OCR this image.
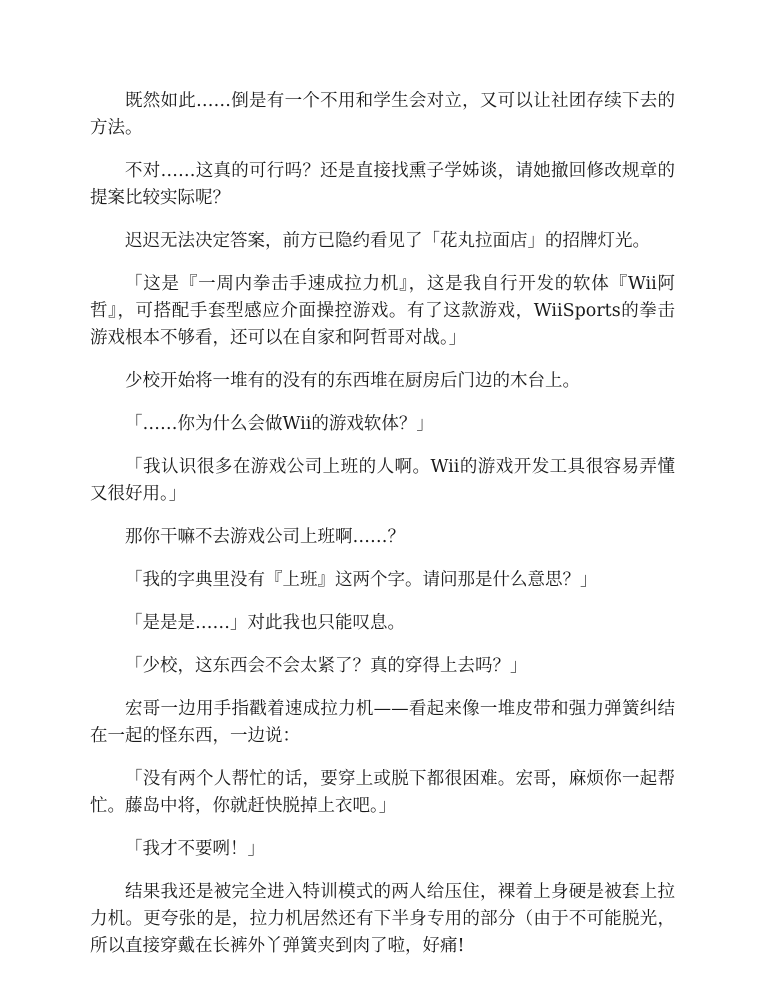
既然如此……倒是有一个不用和学生会对立，又可以让社团存续下去的方法。

不对……这真的可行吗？还是直接找熏子学姊谈，请她撤回修改规章的提案比较实际呢？

迟迟无法决定答案，前方已隐约看见了「花丸拉面店」的招牌灯光。

「这是『一周内拳击手速成拉力机』，这是我自行开发的软体『Wii阿哲』，可搭配手套型感应介面操控游戏。有了这款游戏，WiiSports的拳击游戏根本不够看，还可以在自家和阿哲哥对战。」

少校开始将一堆有的没有的东西堆在厨房后门边的木台上。

「……你为什么会做Wii的游戏软体？」

「我认识很多在游戏公司上班的人啊。Wii的游戏开发工具很容易弄懂又很好用。」

那你干嘛不去游戏公司上班啊……？

「我的字典里没有『上班』这两个字。请问那是什么意思？」

「是是是……」对此我也只能叹息。

「少校，这东西会不会太紧了？真的穿得上去吗？」

宏哥一边用手指戳着速成拉力机——看起来像一堆皮带和强力弹簧纠结在一起的怪东西，一边说：

「没有两个人帮忙的话，要穿上或脱下都很困难。宏哥，麻烦你一起帮忙。藤岛中将，你就赶快脱掉上衣吧。」

「我才不要咧！」

结果我还是被完全进入特训模式的两人给压住，裸着上身硬是被套上拉力机。更夸张的是，拉力机居然还有下半身专用的部分（由于不可能脱光，所以直接穿戴在长裤外丫弹簧夹到肉了啦，好痛!
